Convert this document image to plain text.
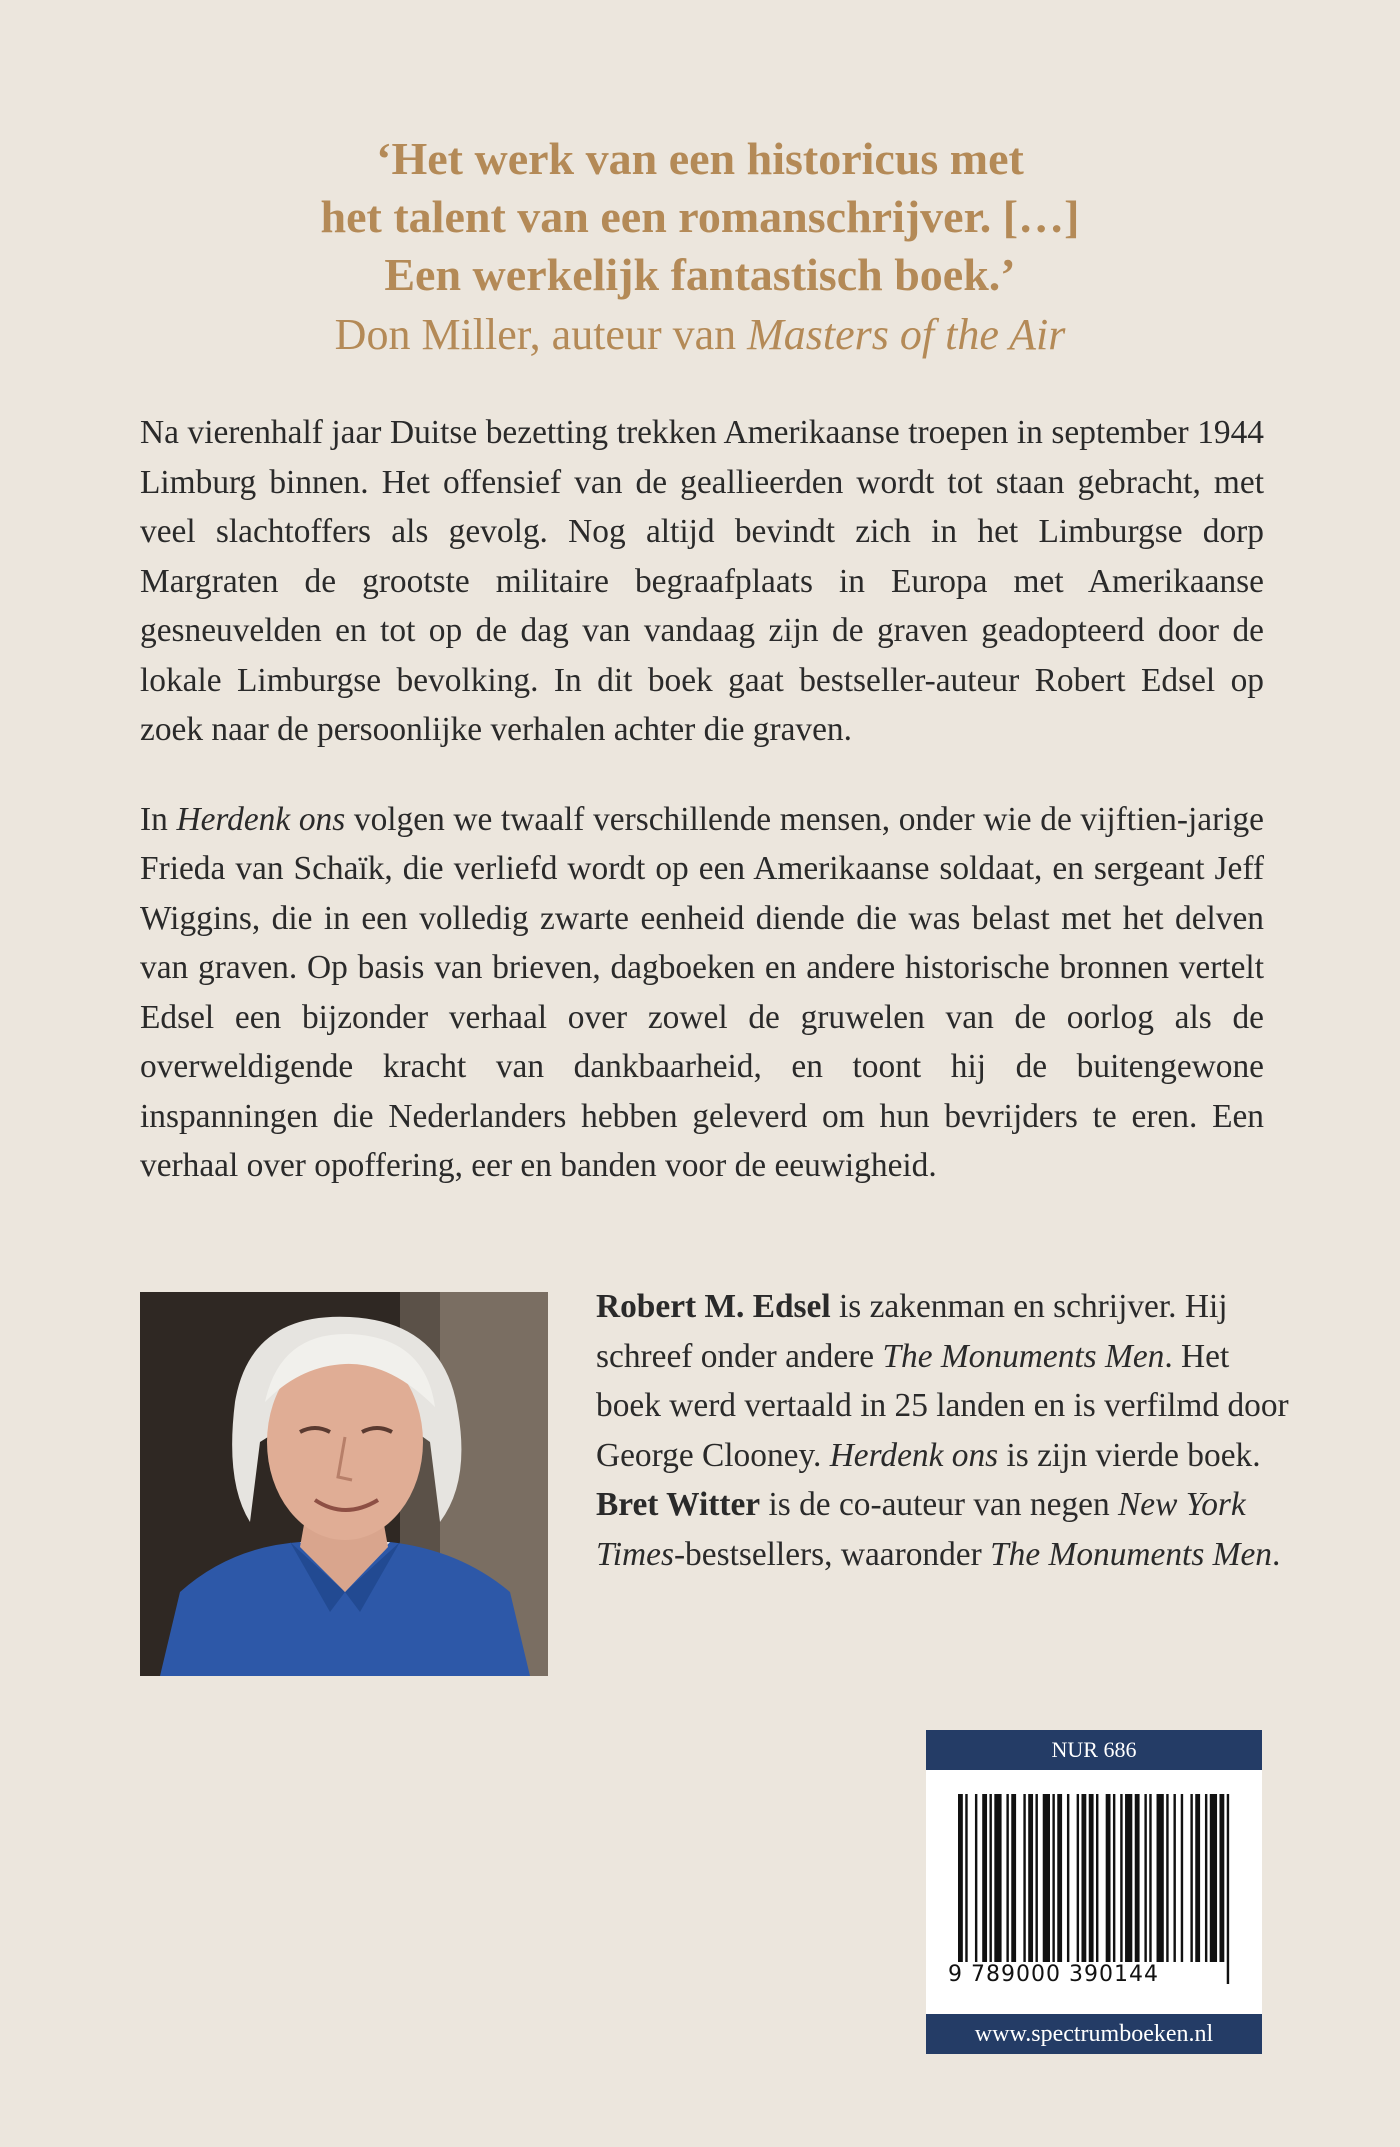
‘Het werk van een historicus met
het talent van een romanschrijver. […]
Een werkelijk fantastisch boek.’
Don Miller, auteur van Masters of the Air

Na vierenhalf jaar Duitse bezetting trekken Amerikaanse troepen in september 1944 Limburg binnen. Het offensief van de geallieerden wordt tot staan gebracht, met veel slachtoffers als gevolg. Nog altijd bevindt zich in het Limburgse dorp Margraten de grootste militaire begraafplaats in Europa met Amerikaanse gesneuvelden en tot op de dag van vandaag zijn de graven geadopteerd door de lokale Limburgse bevolking. In dit boek gaat bestseller-auteur Robert Edsel op zoek naar de persoonlijke verhalen achter die graven.

In Herdenk ons volgen we twaalf verschillende mensen, onder wie de vijftien-jarige Frieda van Schaïk, die verliefd wordt op een Amerikaanse soldaat, en sergeant Jeff Wiggins, die in een volledig zwarte eenheid diende die was belast met het delven van graven. Op basis van brieven, dagboeken en andere historische bronnen vertelt Edsel een bijzonder verhaal over zowel de gruwelen van de oorlog als de overweldigende kracht van dankbaarheid, en toont hij de buitengewone inspanningen die Nederlanders hebben geleverd om hun bevrijders te eren. Een verhaal over opoffering, eer en banden voor de eeuwigheid.

Robert M. Edsel is zakenman en schrijver. Hij schreef onder andere The Monuments Men. Het boek werd vertaald in 25 landen en is verfilmd door George Clooney. Herdenk ons is zijn vierde boek.

Bret Witter is de co-auteur van negen New York Times-bestsellers, waaronder The Monuments Men.

NUR 686
9 789000 390144
www.spectrumboeken.nl
